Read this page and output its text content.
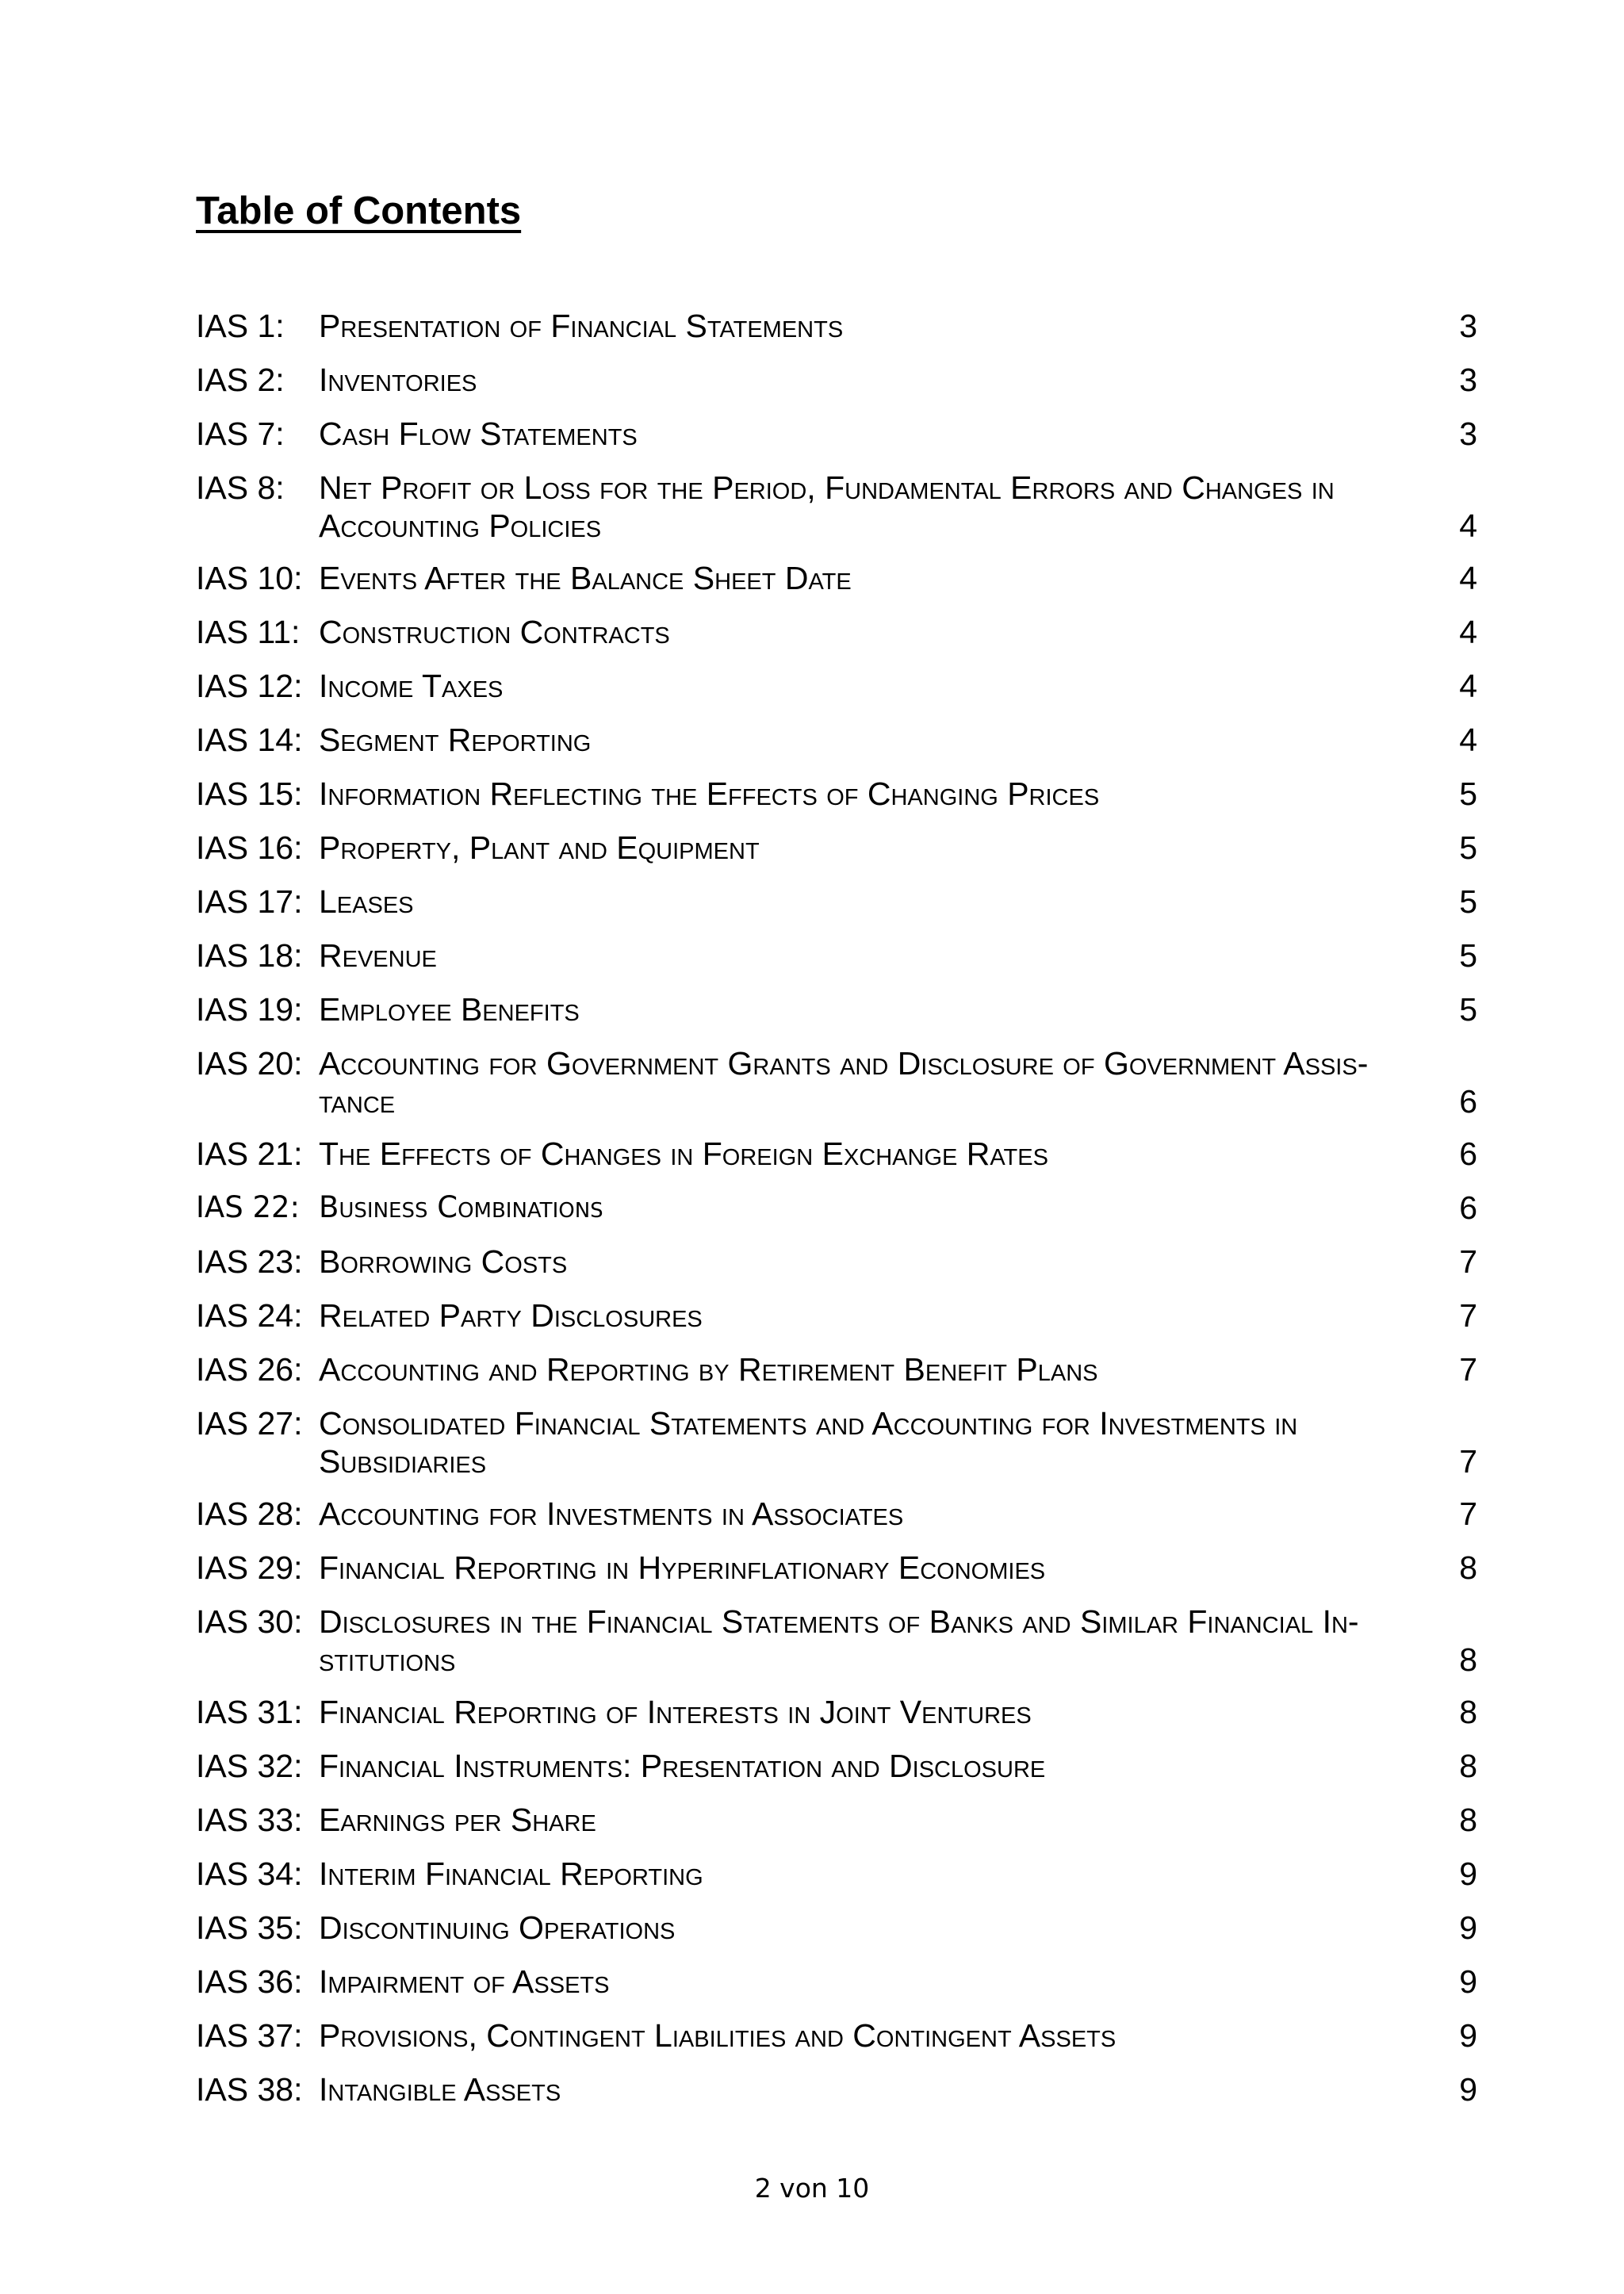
Table of Contents
IAS 1:	Presentation of Financial Statements	3
IAS 2:	Inventories	3
IAS 7:	Cash Flow Statements	3
IAS 8:	Net Profit or Loss for the Period, Fundamental Errors and Changes in Accounting Policies	4
IAS 10: Events After the Balance Sheet Date	4
IAS 11: Construction Contracts	4
IAS 12: Income Taxes	4
IAS 14: Segment Reporting	4
IAS 15: Information Reflecting the Effects of Changing Prices	5
IAS 16: Property, Plant and Equipment	5
IAS 17: Leases	5
IAS 18: Revenue	5
IAS 19: Employee Benefits	5
IAS 20: Accounting for Government Grants and Disclosure of Government Assis-tance	6
IAS 21: The Effects of Changes in Foreign Exchange Rates	6
IAS 22: Business Combinations	6
IAS 23: Borrowing Costs	7
IAS 24: Related Party Disclosures	7
IAS 26: Accounting and Reporting by Retirement Benefit Plans	7
IAS 27: Consolidated Financial Statements and Accounting for Investments in Subsidiaries	7
IAS 28: Accounting for Investments in Associates	7
IAS 29: Financial Reporting in Hyperinflationary Economies	8
IAS 30: Disclosures in the Financial Statements of Banks and Similar Financial In-stitutions	8
IAS 31: Financial Reporting of Interests in Joint Ventures	8
IAS 32: Financial Instruments: Presentation and Disclosure	8
IAS 33: Earnings per Share	8
IAS 34: Interim Financial Reporting	9
IAS 35: Discontinuing Operations	9
IAS 36: Impairment of Assets	9
IAS 37: Provisions, Contingent Liabilities and Contingent Assets	9
IAS 38: Intangible Assets	9
2 von 10
